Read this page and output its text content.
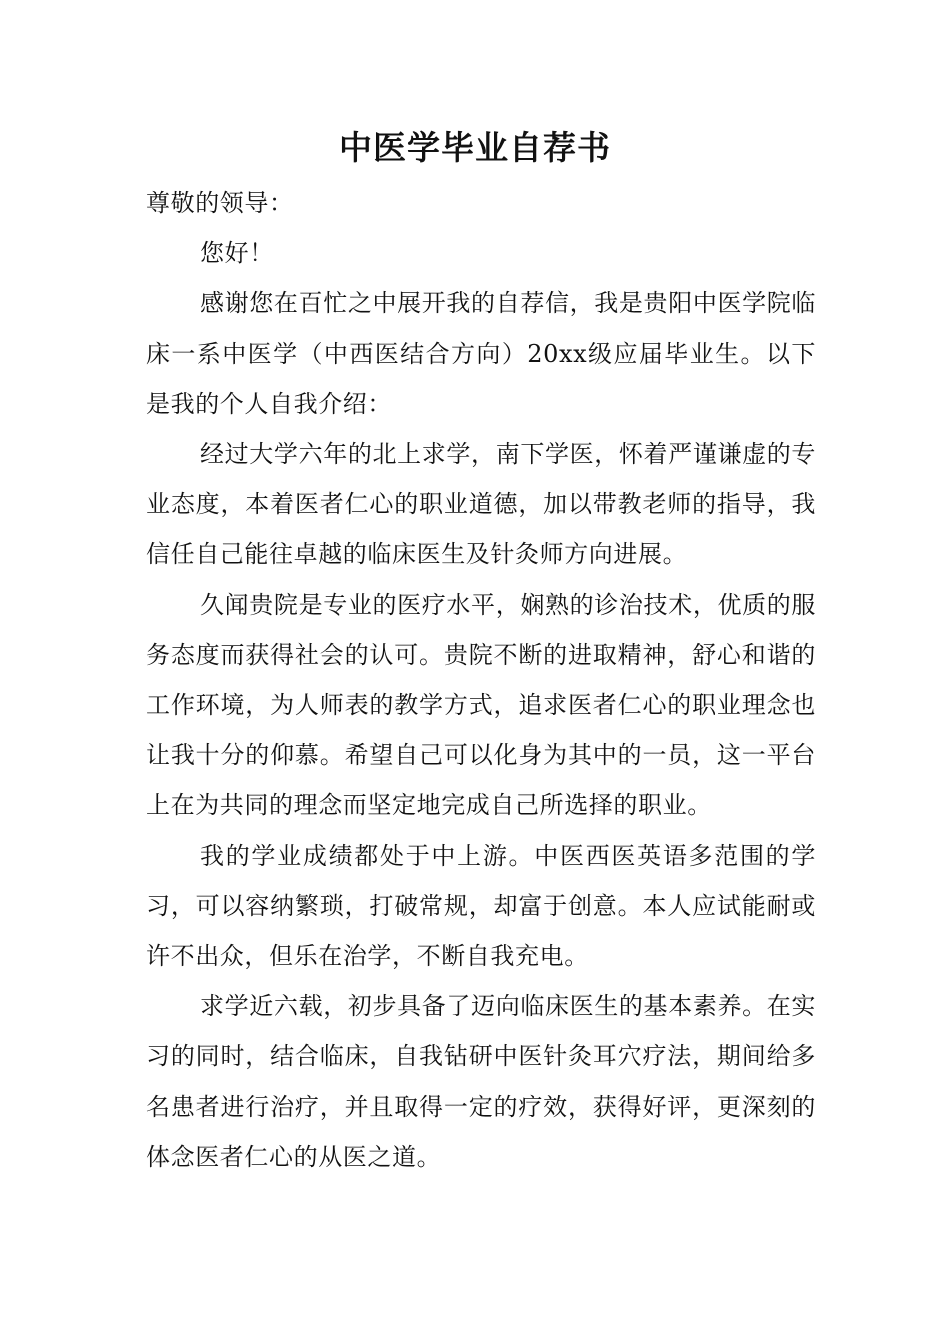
中医学毕业自荐书

尊敬的领导：

您好！

感谢您在百忙之中展开我的自荐信，我是贵阳中医学院临床一系中医学（中西医结合方向）20xx级应届毕业生。以下是我的个人自我介绍：

经过大学六年的北上求学，南下学医，怀着严谨谦虚的专业态度，本着医者仁心的职业道德，加以带教老师的指导，我信任自己能往卓越的临床医生及针灸师方向进展。

久闻贵院是专业的医疗水平，娴熟的诊治技术，优质的服务态度而获得社会的认可。贵院不断的进取精神，舒心和谐的工作环境，为人师表的教学方式，追求医者仁心的职业理念也让我十分的仰慕。希望自己可以化身为其中的一员，这一平台上在为共同的理念而坚定地完成自己所选择的职业。

我的学业成绩都处于中上游。中医西医英语多范围的学习，可以容纳繁琐，打破常规，却富于创意。本人应试能耐或许不出众，但乐在治学，不断自我充电。

求学近六载，初步具备了迈向临床医生的基本素养。在实习的同时，结合临床，自我钻研中医针灸耳穴疗法，期间给多名患者进行治疗，并且取得一定的疗效，获得好评，更深刻的体念医者仁心的从医之道。
